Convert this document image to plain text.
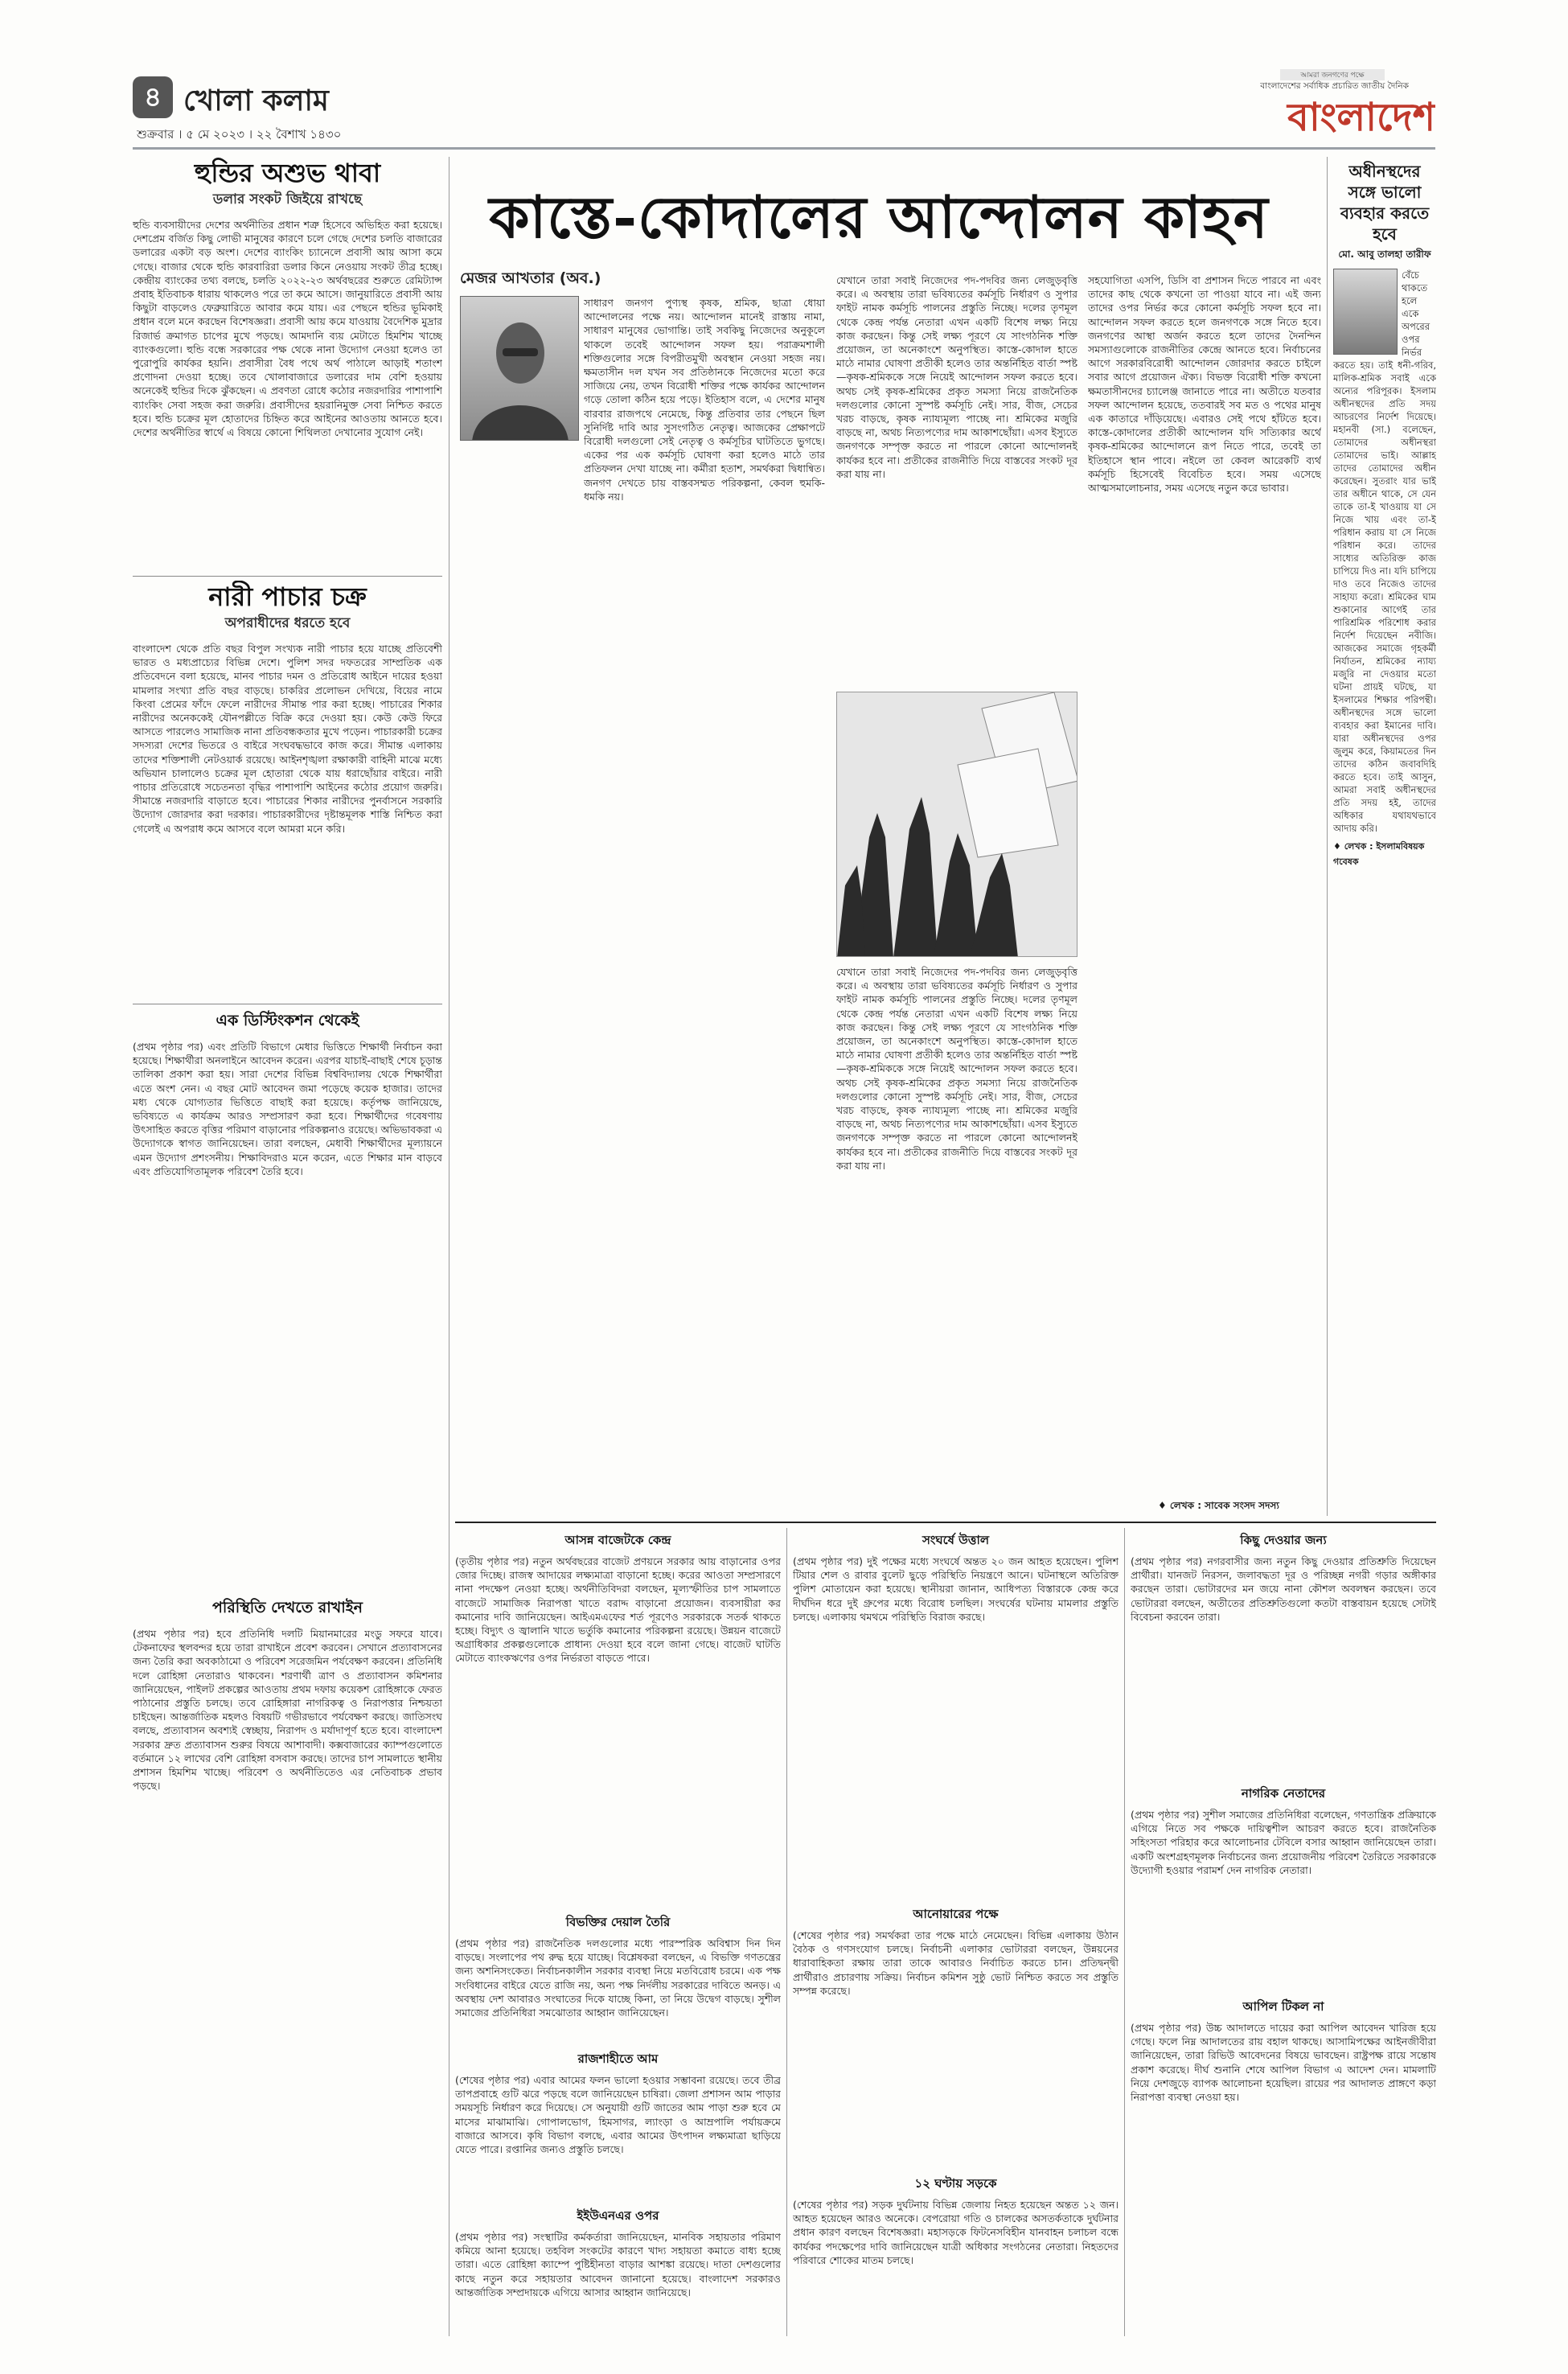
৪ খোলা কলাম
শুক্রবার । ৫ মে ২০২৩ । ২২ বৈশাখ ১৪৩০
আমরা জনগণের পক্ষে
বাংলাদেশের সর্বাধিক প্রচারিত জাতীয় দৈনিক
বাংলাদেশ
হুন্ডির অশুভ থাবা
ডলার সংকট জিইয়ে রাখছে
হুন্ডি ব্যবসায়ীদের দেশের অর্থনীতির প্রধান শত্রু হিসেবে অভিহিত করা হয়েছে। দেশপ্রেম বর্জিত কিছু লোভী মানুষের কারণে চলে গেছে দেশের চলতি বাজারের ডলারের একটা বড় অংশ। দেশের ব্যাংকিং চ্যানেলে প্রবাসী আয় আসা কমে গেছে। বাজার থেকে হুন্ডি কারবারিরা ডলার কিনে নেওয়ায় সংকট তীব্র হচ্ছে। কেন্দ্রীয় ব্যাংকের তথ্য বলছে, চলতি ২০২২-২৩ অর্থবছরের শুরুতে রেমিট্যান্স প্রবাহ ইতিবাচক ধারায় থাকলেও পরে তা কমে আসে। জানুয়ারিতে প্রবাসী আয় কিছুটা বাড়লেও ফেব্রুয়ারিতে আবার কমে যায়। এর পেছনে হুন্ডির ভূমিকাই প্রধান বলে মনে করছেন বিশেষজ্ঞরা। প্রবাসী আয় কমে যাওয়ায় বৈদেশিক মুদ্রার রিজার্ভ ক্রমাগত চাপের মুখে পড়ছে। আমদানি ব্যয় মেটাতে হিমশিম খাচ্ছে ব্যাংকগুলো। হুন্ডি বন্ধে সরকারের পক্ষ থেকে নানা উদ্যোগ নেওয়া হলেও তা পুরোপুরি কার্যকর হয়নি। প্রবাসীরা বৈধ পথে অর্থ পাঠালে আড়াই শতাংশ প্রণোদনা দেওয়া হচ্ছে। তবে খোলাবাজারে ডলারের দাম বেশি হওয়ায় অনেকেই হুন্ডির দিকে ঝুঁকছেন। এ প্রবণতা রোধে কঠোর নজরদারির পাশাপাশি ব্যাংকিং সেবা সহজ করা জরুরি। প্রবাসীদের হয়রানিমুক্ত সেবা নিশ্চিত করতে হবে। হুন্ডি চক্রের মূল হোতাদের চিহ্নিত করে আইনের আওতায় আনতে হবে। দেশের অর্থনীতির স্বার্থে এ বিষয়ে কোনো শিথিলতা দেখানোর সুযোগ নেই।
নারী পাচার চক্র
অপরাধীদের ধরতে হবে
বাংলাদেশ থেকে প্রতি বছর বিপুল সংখ্যক নারী পাচার হয়ে যাচ্ছে প্রতিবেশী ভারত ও মধ্যপ্রাচ্যের বিভিন্ন দেশে। পুলিশ সদর দফতরের সাম্প্রতিক এক প্রতিবেদনে বলা হয়েছে, মানব পাচার দমন ও প্রতিরোধ আইনে দায়ের হওয়া মামলার সংখ্যা প্রতি বছর বাড়ছে। চাকরির প্রলোভন দেখিয়ে, বিয়ের নামে কিংবা প্রেমের ফাঁদে ফেলে নারীদের সীমান্ত পার করা হচ্ছে। পাচারের শিকার নারীদের অনেককেই যৌনপল্লীতে বিক্রি করে দেওয়া হয়। কেউ কেউ ফিরে আসতে পারলেও সামাজিক নানা প্রতিবন্ধকতার মুখে পড়েন। পাচারকারী চক্রের সদস্যরা দেশের ভিতরে ও বাইরে সংঘবদ্ধভাবে কাজ করে। সীমান্ত এলাকায় তাদের শক্তিশালী নেটওয়ার্ক রয়েছে। আইনশৃঙ্খলা রক্ষাকারী বাহিনী মাঝে মধ্যে অভিযান চালালেও চক্রের মূল হোতারা থেকে যায় ধরাছোঁয়ার বাইরে। নারী পাচার প্রতিরোধে সচেতনতা বৃদ্ধির পাশাপাশি আইনের কঠোর প্রয়োগ জরুরি। সীমান্তে নজরদারি বাড়াতে হবে। পাচারের শিকার নারীদের পুনর্বাসনে সরকারি উদ্যোগ জোরদার করা দরকার। পাচারকারীদের দৃষ্টান্তমূলক শাস্তি নিশ্চিত করা গেলেই এ অপরাধ কমে আসবে বলে আমরা মনে করি।
এক ডিস্টিংকশন থেকেই
(প্রথম পৃষ্ঠার পর) এবং প্রতিটি বিভাগে মেধার ভিত্তিতে শিক্ষার্থী নির্বাচন করা হয়েছে। শিক্ষার্থীরা অনলাইনে আবেদন করেন। এরপর যাচাই-বাছাই শেষে চূড়ান্ত তালিকা প্রকাশ করা হয়। সারা দেশের বিভিন্ন বিশ্ববিদ্যালয় থেকে শিক্ষার্থীরা এতে অংশ নেন। এ বছর মোট আবেদন জমা পড়েছে কয়েক হাজার। তাদের মধ্য থেকে যোগ্যতার ভিত্তিতে বাছাই করা হয়েছে। কর্তৃপক্ষ জানিয়েছে, ভবিষ্যতে এ কার্যক্রম আরও সম্প্রসারণ করা হবে। শিক্ষার্থীদের গবেষণায় উৎসাহিত করতে বৃত্তির পরিমাণ বাড়ানোর পরিকল্পনাও রয়েছে। অভিভাবকরা এ উদ্যোগকে স্বাগত জানিয়েছেন। তারা বলছেন, মেধাবী শিক্ষার্থীদের মূল্যায়নে এমন উদ্যোগ প্রশংসনীয়। শিক্ষাবিদরাও মনে করেন, এতে শিক্ষার মান বাড়বে এবং প্রতিযোগিতামূলক পরিবেশ তৈরি হবে।
পরিস্থিতি দেখতে রাখাইন
(প্রথম পৃষ্ঠার পর) হবে প্রতিনিধি দলটি মিয়ানমারের মংডু সফরে যাবে। টেকনাফের স্থলবন্দর হয়ে তারা রাখাইনে প্রবেশ করবেন। সেখানে প্রত্যাবাসনের জন্য তৈরি করা অবকাঠামো ও পরিবেশ সরেজমিন পর্যবেক্ষণ করবেন। প্রতিনিধি দলে রোহিঙ্গা নেতারাও থাকবেন। শরণার্থী ত্রাণ ও প্রত্যাবাসন কমিশনার জানিয়েছেন, পাইলট প্রকল্পের আওতায় প্রথম দফায় কয়েকশ রোহিঙ্গাকে ফেরত পাঠানোর প্রস্তুতি চলছে। তবে রোহিঙ্গারা নাগরিকত্ব ও নিরাপত্তার নিশ্চয়তা চাইছেন। আন্তর্জাতিক মহলও বিষয়টি গভীরভাবে পর্যবেক্ষণ করছে। জাতিসংঘ বলছে, প্রত্যাবাসন অবশ্যই স্বেচ্ছায়, নিরাপদ ও মর্যাদাপূর্ণ হতে হবে। বাংলাদেশ সরকার দ্রুত প্রত্যাবাসন শুরুর বিষয়ে আশাবাদী। কক্সবাজারের ক্যাম্পগুলোতে বর্তমানে ১২ লাখের বেশি রোহিঙ্গা বসবাস করছে। তাদের চাপ সামলাতে স্থানীয় প্রশাসন হিমশিম খাচ্ছে। পরিবেশ ও অর্থনীতিতেও এর নেতিবাচক প্রভাব পড়ছে।
কাস্তে-কোদালের আন্দোলন কাহন
মেজর আখতার (অব.)
সাধারণ জনগণ পুণ্যস্থ কৃষক, শ্রমিক, ছাত্রা ধোয়া আন্দোলনের পক্ষে নয়। আন্দোলন মানেই রাস্তায় নামা, সাধারণ মানুষের ভোগান্তি। তাই সবকিছু নিজেদের অনুকূলে থাকলে তবেই আন্দোলন সফল হয়। পরাক্রমশালী শক্তিগুলোর সঙ্গে বিপরীতমুখী অবস্থান নেওয়া সহজ নয়। ক্ষমতাসীন দল যখন সব প্রতিষ্ঠানকে নিজেদের মতো করে সাজিয়ে নেয়, তখন বিরোধী শক্তির পক্ষে কার্যকর আন্দোলন গড়ে তোলা কঠিন হয়ে পড়ে। ইতিহাস বলে, এ দেশের মানুষ বারবার রাজপথে নেমেছে, কিন্তু প্রতিবার তার পেছনে ছিল সুনির্দিষ্ট দাবি আর সুসংগঠিত নেতৃত্ব। আজকের প্রেক্ষাপটে বিরোধী দলগুলো সেই নেতৃত্ব ও কর্মসূচির ঘাটতিতে ভুগছে। একের পর এক কর্মসূচি ঘোষণা করা হলেও মাঠে তার প্রতিফলন দেখা যাচ্ছে না। কর্মীরা হতাশ, সমর্থকরা দ্বিধান্বিত। জনগণ দেখতে চায় বাস্তবসম্মত পরিকল্পনা, কেবল হুমকি-ধমকি নয়।
যেখানে তারা সবাই নিজেদের পদ-পদবির জন্য লেজুড়বৃত্তি করে। এ অবস্থায় তারা ভবিষ্যতের কর্মসূচি নির্ধারণ ও সুপার ফাইট নামক কর্মসূচি পালনের প্রস্তুতি নিচ্ছে। দলের তৃণমূল থেকে কেন্দ্র পর্যন্ত নেতারা এখন একটি বিশেষ লক্ষ্য নিয়ে কাজ করছেন। কিন্তু সেই লক্ষ্য পূরণে যে সাংগঠনিক শক্তি প্রয়োজন, তা অনেকাংশে অনুপস্থিত। কাস্তে-কোদাল হাতে মাঠে নামার ঘোষণা প্রতীকী হলেও তার অন্তর্নিহিত বার্তা স্পষ্ট—কৃষক-শ্রমিককে সঙ্গে নিয়েই আন্দোলন সফল করতে হবে। অথচ সেই কৃষক-শ্রমিকের প্রকৃত সমস্যা নিয়ে রাজনৈতিক দলগুলোর কোনো সুস্পষ্ট কর্মসূচি নেই। সার, বীজ, সেচের খরচ বাড়ছে, কৃষক ন্যায্যমূল্য পাচ্ছে না। শ্রমিকের মজুরি বাড়ছে না, অথচ নিত্যপণ্যের দাম আকাশছোঁয়া। এসব ইস্যুতে জনগণকে সম্পৃক্ত করতে না পারলে কোনো আন্দোলনই কার্যকর হবে না। প্রতীকের রাজনীতি দিয়ে বাস্তবের সংকট দূর করা যায় না।
সহযোগিতা এসপি, ডিসি বা প্রশাসন দিতে পারবে না এবং তাদের কাছ থেকে কখনো তা পাওয়া যাবে না। এই জন্য তাদের ওপর নির্ভর করে কোনো কর্মসূচি সফল হবে না। আন্দোলন সফল করতে হলে জনগণকে সঙ্গে নিতে হবে। জনগণের আস্থা অর্জন করতে হলে তাদের দৈনন্দিন সমস্যাগুলোকে রাজনীতির কেন্দ্রে আনতে হবে। নির্বাচনের আগে সরকারবিরোধী আন্দোলন জোরদার করতে চাইলে সবার আগে প্রয়োজন ঐক্য। বিভক্ত বিরোধী শক্তি কখনো ক্ষমতাসীনদের চ্যালেঞ্জ জানাতে পারে না। অতীতে যতবার সফল আন্দোলন হয়েছে, ততবারই সব মত ও পথের মানুষ এক কাতারে দাঁড়িয়েছে। এবারও সেই পথে হাঁটতে হবে। কাস্তে-কোদালের প্রতীকী আন্দোলন যদি সত্যিকার অর্থে কৃষক-শ্রমিকের আন্দোলনে রূপ নিতে পারে, তবেই তা ইতিহাসে স্থান পাবে। নইলে তা কেবল আরেকটি ব্যর্থ কর্মসূচি হিসেবেই বিবেচিত হবে। সময় এসেছে আত্মসমালোচনার, সময় এসেছে নতুন করে ভাবার।
যেখানে তারা সবাই নিজেদের পদ-পদবির জন্য লেজুড়বৃত্তি করে। এ অবস্থায় তারা ভবিষ্যতের কর্মসূচি নির্ধারণ ও সুপার ফাইট নামক কর্মসূচি পালনের প্রস্তুতি নিচ্ছে। দলের তৃণমূল থেকে কেন্দ্র পর্যন্ত নেতারা এখন একটি বিশেষ লক্ষ্য নিয়ে কাজ করছেন। কিন্তু সেই লক্ষ্য পূরণে যে সাংগঠনিক শক্তি প্রয়োজন, তা অনেকাংশে অনুপস্থিত। কাস্তে-কোদাল হাতে মাঠে নামার ঘোষণা প্রতীকী হলেও তার অন্তর্নিহিত বার্তা স্পষ্ট—কৃষক-শ্রমিককে সঙ্গে নিয়েই আন্দোলন সফল করতে হবে। অথচ সেই কৃষক-শ্রমিকের প্রকৃত সমস্যা নিয়ে রাজনৈতিক দলগুলোর কোনো সুস্পষ্ট কর্মসূচি নেই। সার, বীজ, সেচের খরচ বাড়ছে, কৃষক ন্যায্যমূল্য পাচ্ছে না। শ্রমিকের মজুরি বাড়ছে না, অথচ নিত্যপণ্যের দাম আকাশছোঁয়া। এসব ইস্যুতে জনগণকে সম্পৃক্ত করতে না পারলে কোনো আন্দোলনই কার্যকর হবে না। প্রতীকের রাজনীতি দিয়ে বাস্তবের সংকট দূর করা যায় না।
♦ লেখক : সাবেক সংসদ সদস্য
অধীনস্থদের সঙ্গে ভালো ব্যবহার করতে হবে
মো. আবু তালহা তারীফ
বেঁচে থাকতে হলে একে অপরের ওপর নির্ভর করতে হয়। তাই ধনী-গরিব, মালিক-শ্রমিক সবাই একে অন্যের পরিপূরক। ইসলাম অধীনস্থদের প্রতি সদয় আচরণের নির্দেশ দিয়েছে। মহানবী (সা.) বলেছেন, তোমাদের অধীনস্থরা তোমাদের ভাই। আল্লাহ তাদের তোমাদের অধীন করেছেন। সুতরাং যার ভাই তার অধীনে থাকে, সে যেন তাকে তা-ই খাওয়ায় যা সে নিজে খায় এবং তা-ই পরিধান করায় যা সে নিজে পরিধান করে। তাদের সাধ্যের অতিরিক্ত কাজ চাপিয়ে দিও না। যদি চাপিয়ে দাও তবে নিজেও তাদের সাহায্য করো। শ্রমিকের ঘাম শুকানোর আগেই তার পারিশ্রমিক পরিশোধ করার নির্দেশ দিয়েছেন নবীজি। আজকের সমাজে গৃহকর্মী নির্যাতন, শ্রমিকের ন্যায্য মজুরি না দেওয়ার মতো ঘটনা প্রায়ই ঘটছে, যা ইসলামের শিক্ষার পরিপন্থী। অধীনস্থদের সঙ্গে ভালো ব্যবহার করা ইমানের দাবি। যারা অধীনস্থদের ওপর জুলুম করে, কিয়ামতের দিন তাদের কঠিন জবাবদিহি করতে হবে। তাই আসুন, আমরা সবাই অধীনস্থদের প্রতি সদয় হই, তাদের অধিকার যথাযথভাবে আদায় করি।
♦ লেখক : ইসলামবিষয়ক গবেষক
আসন্ন বাজেটকে কেন্দ্র
(তৃতীয় পৃষ্ঠার পর) নতুন অর্থবছরের বাজেট প্রণয়নে সরকার আয় বাড়ানোর ওপর জোর দিচ্ছে। রাজস্ব আদায়ের লক্ষ্যমাত্রা বাড়ানো হচ্ছে। করের আওতা সম্প্রসারণে নানা পদক্ষেপ নেওয়া হচ্ছে। অর্থনীতিবিদরা বলছেন, মূল্যস্ফীতির চাপ সামলাতে বাজেটে সামাজিক নিরাপত্তা খাতে বরাদ্দ বাড়ানো প্রয়োজন। ব্যবসায়ীরা কর কমানোর দাবি জানিয়েছেন। আইএমএফের শর্ত পূরণেও সরকারকে সতর্ক থাকতে হচ্ছে। বিদ্যুৎ ও জ্বালানি খাতে ভর্তুকি কমানোর পরিকল্পনা রয়েছে। উন্নয়ন বাজেটে অগ্রাধিকার প্রকল্পগুলোকে প্রাধান্য দেওয়া হবে বলে জানা গেছে। বাজেট ঘাটতি মেটাতে ব্যাংকঋণের ওপর নির্ভরতা বাড়তে পারে।
বিভক্তির দেয়াল তৈরি
(প্রথম পৃষ্ঠার পর) রাজনৈতিক দলগুলোর মধ্যে পারস্পরিক অবিশ্বাস দিন দিন বাড়ছে। সংলাপের পথ রুদ্ধ হয়ে যাচ্ছে। বিশ্লেষকরা বলছেন, এ বিভক্তি গণতন্ত্রের জন্য অশনিসংকেত। নির্বাচনকালীন সরকার ব্যবস্থা নিয়ে মতবিরোধ চরমে। এক পক্ষ সংবিধানের বাইরে যেতে রাজি নয়, অন্য পক্ষ নির্দলীয় সরকারের দাবিতে অনড়। এ অবস্থায় দেশ আবারও সংঘাতের দিকে যাচ্ছে কিনা, তা নিয়ে উদ্বেগ বাড়ছে। সুশীল সমাজের প্রতিনিধিরা সমঝোতার আহ্বান জানিয়েছেন।
রাজশাহীতে আম
(শেষের পৃষ্ঠার পর) এবার আমের ফলন ভালো হওয়ার সম্ভাবনা রয়েছে। তবে তীব্র তাপপ্রবাহে গুটি ঝরে পড়ছে বলে জানিয়েছেন চাষিরা। জেলা প্রশাসন আম পাড়ার সময়সূচি নির্ধারণ করে দিয়েছে। সে অনুযায়ী গুটি জাতের আম পাড়া শুরু হবে মে মাসের মাঝামাঝি। গোপালভোগ, হিমসাগর, ল্যাংড়া ও আম্রপালি পর্যায়ক্রমে বাজারে আসবে। কৃষি বিভাগ বলছে, এবার আমের উৎপাদন লক্ষ্যমাত্রা ছাড়িয়ে যেতে পারে। রপ্তানির জন্যও প্রস্তুতি চলছে।
ইইউএনএর ওপর
(প্রথম পৃষ্ঠার পর) সংস্থাটির কর্মকর্তারা জানিয়েছেন, মানবিক সহায়তার পরিমাণ কমিয়ে আনা হয়েছে। তহবিল সংকটের কারণে খাদ্য সহায়তা কমাতে বাধ্য হচ্ছে তারা। এতে রোহিঙ্গা ক্যাম্পে পুষ্টিহীনতা বাড়ার আশঙ্কা রয়েছে। দাতা দেশগুলোর কাছে নতুন করে সহায়তার আবেদন জানানো হয়েছে। বাংলাদেশ সরকারও আন্তর্জাতিক সম্প্রদায়কে এগিয়ে আসার আহ্বান জানিয়েছে।
সংঘর্ষে উত্তাল
(প্রথম পৃষ্ঠার পর) দুই পক্ষের মধ্যে সংঘর্ষে অন্তত ২০ জন আহত হয়েছেন। পুলিশ টিয়ার শেল ও রাবার বুলেট ছুড়ে পরিস্থিতি নিয়ন্ত্রণে আনে। ঘটনাস্থলে অতিরিক্ত পুলিশ মোতায়েন করা হয়েছে। স্থানীয়রা জানান, আধিপত্য বিস্তারকে কেন্দ্র করে দীর্ঘদিন ধরে দুই গ্রুপের মধ্যে বিরোধ চলছিল। সংঘর্ষের ঘটনায় মামলার প্রস্তুতি চলছে। এলাকায় থমথমে পরিস্থিতি বিরাজ করছে।
আনোয়ারের পক্ষে
(শেষের পৃষ্ঠার পর) সমর্থকরা তার পক্ষে মাঠে নেমেছেন। বিভিন্ন এলাকায় উঠান বৈঠক ও গণসংযোগ চলছে। নির্বাচনী এলাকার ভোটাররা বলছেন, উন্নয়নের ধারাবাহিকতা রক্ষায় তারা তাকে আবারও নির্বাচিত করতে চান। প্রতিদ্বন্দ্বী প্রার্থীরাও প্রচারণায় সক্রিয়। নির্বাচন কমিশন সুষ্ঠু ভোট নিশ্চিত করতে সব প্রস্তুতি সম্পন্ন করেছে।
১২ ঘণ্টায় সড়কে
(শেষের পৃষ্ঠার পর) সড়ক দুর্ঘটনায় বিভিন্ন জেলায় নিহত হয়েছেন অন্তত ১২ জন। আহত হয়েছেন আরও অনেকে। বেপরোয়া গতি ও চালকের অসতর্কতাকে দুর্ঘটনার প্রধান কারণ বলছেন বিশেষজ্ঞরা। মহাসড়কে ফিটনেসবিহীন যানবাহন চলাচল বন্ধে কার্যকর পদক্ষেপের দাবি জানিয়েছেন যাত্রী অধিকার সংগঠনের নেতারা। নিহতদের পরিবারে শোকের মাতম চলছে।
কিছু দেওয়ার জন্য
(প্রথম পৃষ্ঠার পর) নগরবাসীর জন্য নতুন কিছু দেওয়ার প্রতিশ্রুতি দিয়েছেন প্রার্থীরা। যানজট নিরসন, জলাবদ্ধতা দূর ও পরিচ্ছন্ন নগরী গড়ার অঙ্গীকার করছেন তারা। ভোটারদের মন জয়ে নানা কৌশল অবলম্বন করছেন। তবে ভোটাররা বলছেন, অতীতের প্রতিশ্রুতিগুলো কতটা বাস্তবায়ন হয়েছে সেটাই বিবেচনা করবেন তারা।
নাগরিক নেতাদের
(প্রথম পৃষ্ঠার পর) সুশীল সমাজের প্রতিনিধিরা বলেছেন, গণতান্ত্রিক প্রক্রিয়াকে এগিয়ে নিতে সব পক্ষকে দায়িত্বশীল আচরণ করতে হবে। রাজনৈতিক সহিংসতা পরিহার করে আলোচনার টেবিলে বসার আহ্বান জানিয়েছেন তারা। একটি অংশগ্রহণমূলক নির্বাচনের জন্য প্রয়োজনীয় পরিবেশ তৈরিতে সরকারকে উদ্যোগী হওয়ার পরামর্শ দেন নাগরিক নেতারা।
আপিল টিকল না
(প্রথম পৃষ্ঠার পর) উচ্চ আদালতে দায়ের করা আপিল আবেদন খারিজ হয়ে গেছে। ফলে নিম্ন আদালতের রায় বহাল থাকছে। আসামিপক্ষের আইনজীবীরা জানিয়েছেন, তারা রিভিউ আবেদনের বিষয়ে ভাবছেন। রাষ্ট্রপক্ষ রায়ে সন্তোষ প্রকাশ করেছে। দীর্ঘ শুনানি শেষে আপিল বিভাগ এ আদেশ দেন। মামলাটি নিয়ে দেশজুড়ে ব্যাপক আলোচনা হয়েছিল। রায়ের পর আদালত প্রাঙ্গণে কড়া নিরাপত্তা ব্যবস্থা নেওয়া হয়।
